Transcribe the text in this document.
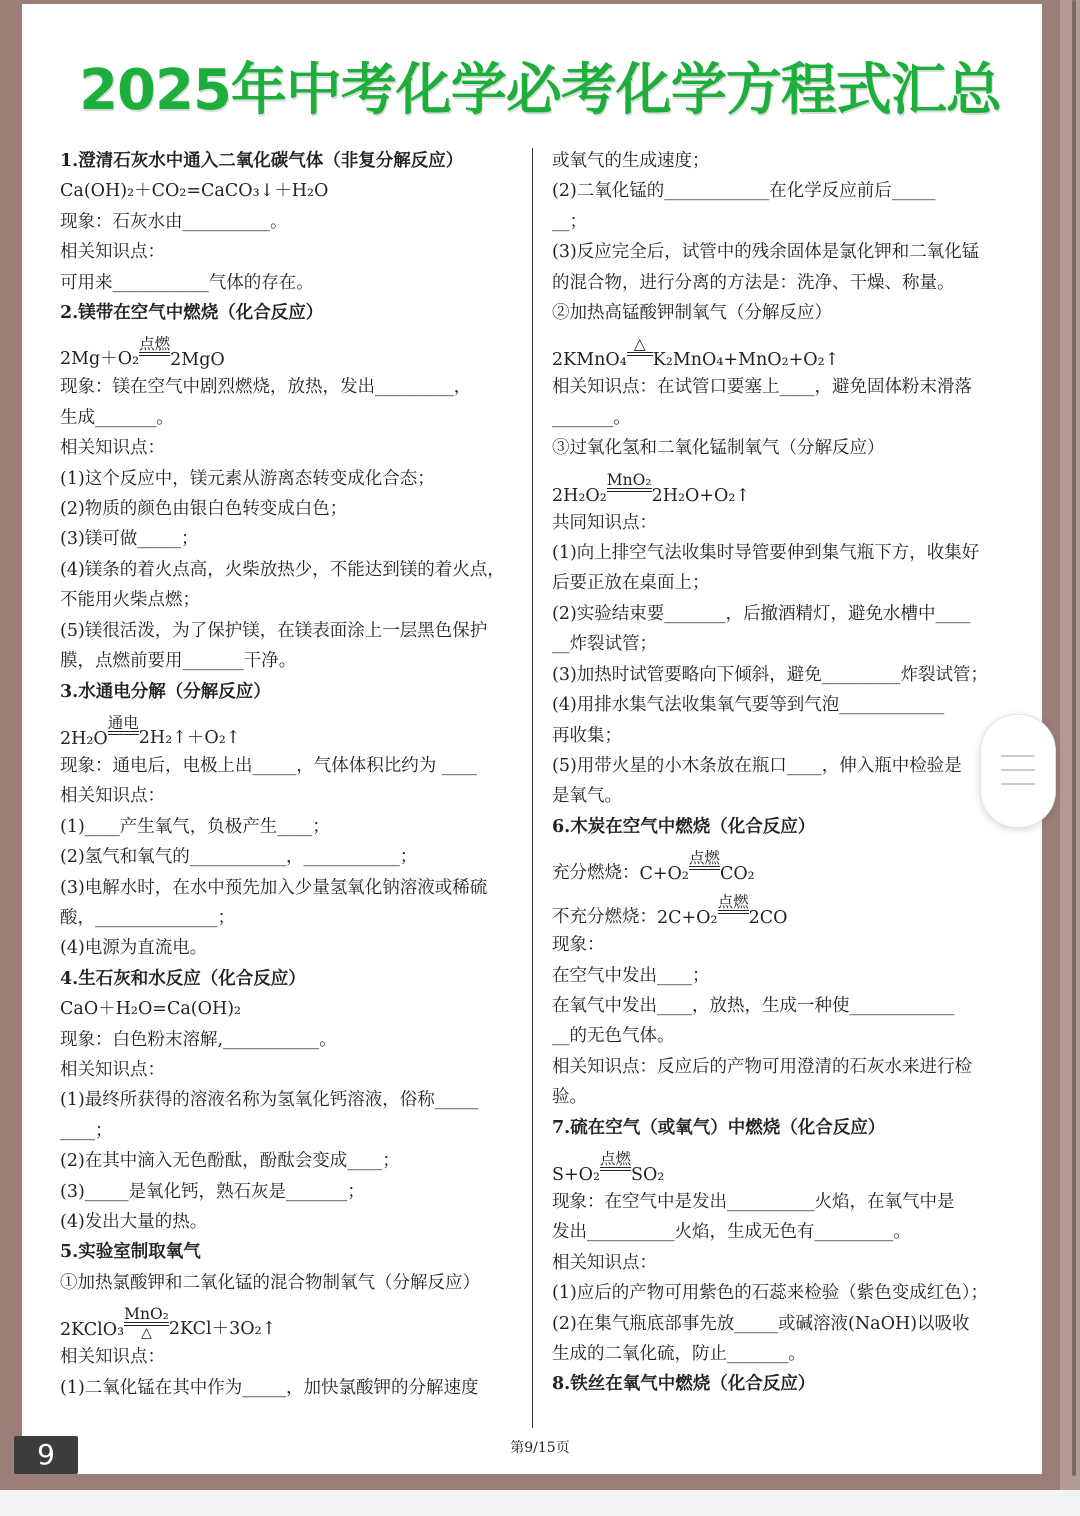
2025年中考化学必考化学方程式汇总
1.澄清石灰水中通入二氧化碳气体（非复分解反应）
Ca(OH)₂＋CO₂=CaCO₃↓＋H₂O
现象：石灰水由__________。
相关知识点：
可用来___________气体的存在。
2.镁带在空气中燃烧（化合反应）
2Mg＋O₂
点燃
2MgO
现象：镁在空气中剧烈燃烧，放热，发出_________，
生成_______。
相关知识点：
(1)这个反应中，镁元素从游离态转变成化合态；
(2)物质的颜色由银白色转变成白色；
(3)镁可做_____；
(4)镁条的着火点高，火柴放热少，不能达到镁的着火点，
不能用火柴点燃；
(5)镁很活泼，为了保护镁，在镁表面涂上一层黑色保护
膜，点燃前要用_______干净。
3.水通电分解（分解反应）
2H₂O
通电
2H₂↑＋O₂↑
现象：通电后，电极上出_____，气体体积比约为 ____
相关知识点：
(1)____产生氧气，负极产生____；
(2)氢气和氧气的___________，___________；
(3)电解水时，在水中预先加入少量氢氧化钠溶液或稀硫
酸，______________；
(4)电源为直流电。
4.生石灰和水反应（化合反应）
CaO＋H₂O=Ca(OH)₂
现象：白色粉末溶解,___________。
相关知识点：
(1)最终所获得的溶液名称为氢氧化钙溶液，俗称_____
____；
(2)在其中滴入无色酚酞，酚酞会变成____；
(3)_____是氧化钙，熟石灰是_______；
(4)发出大量的热。
5.实验室制取氧气
①加热氯酸钾和二氧化锰的混合物制氧气（分解反应）
2KClO₃
MnO₂
△ 2KCl＋3O₂↑
相关知识点：
(1)二氧化锰在其中作为_____，加快氯酸钾的分解速度
或氧气的生成速度；
(2)二氧化锰的____________在化学反应前后_____
__；
(3)反应完全后，试管中的残余固体是氯化钾和二氧化锰
的混合物，进行分离的方法是：洗净、干燥、称量。
②加热高锰酸钾制氧气（分解反应）
2KMnO₄
△
K₂MnO₄+MnO₂+O₂↑
相关知识点：在试管口要塞上____，避免固体粉末滑落
_______。
③过氧化氢和二氧化锰制氧气（分解反应）
2H₂O₂
MnO₂
2H₂O+O₂↑
共同知识点：
(1)向上排空气法收集时导管要伸到集气瓶下方，收集好
后要正放在桌面上；
(2)实验结束要_______，后撤酒精灯，避免水槽中____
__炸裂试管；
(3)加热时试管要略向下倾斜，避免_________炸裂试管；
(4)用排水集气法收集氧气要等到气泡____________
再收集；
(5)用带火星的小木条放在瓶口____，伸入瓶中检验是
是氧气。
6.木炭在空气中燃烧（化合反应）
充分燃烧： C+O₂
点燃
CO₂
不充分燃烧： 2C+O₂
点燃
2CO
现象：
在空气中发出____；
在氧气中发出____，放热，生成一种使____________
__的无色气体。
相关知识点：反应后的产物可用澄清的石灰水来进行检
验。
7.硫在空气（或氧气）中燃烧（化合反应）
S+O₂
点燃
SO₂
现象：在空气中是发出__________火焰，在氧气中是
发出__________火焰，生成无色有_________。
相关知识点：
(1)应后的产物可用紫色的石蕊来检验（紫色变成红色）；
(2)在集气瓶底部事先放_____或碱溶液(NaOH)以吸收
生成的二氧化硫，防止_______。
8.铁丝在氧气中燃烧（化合反应）
第9/15页
9
